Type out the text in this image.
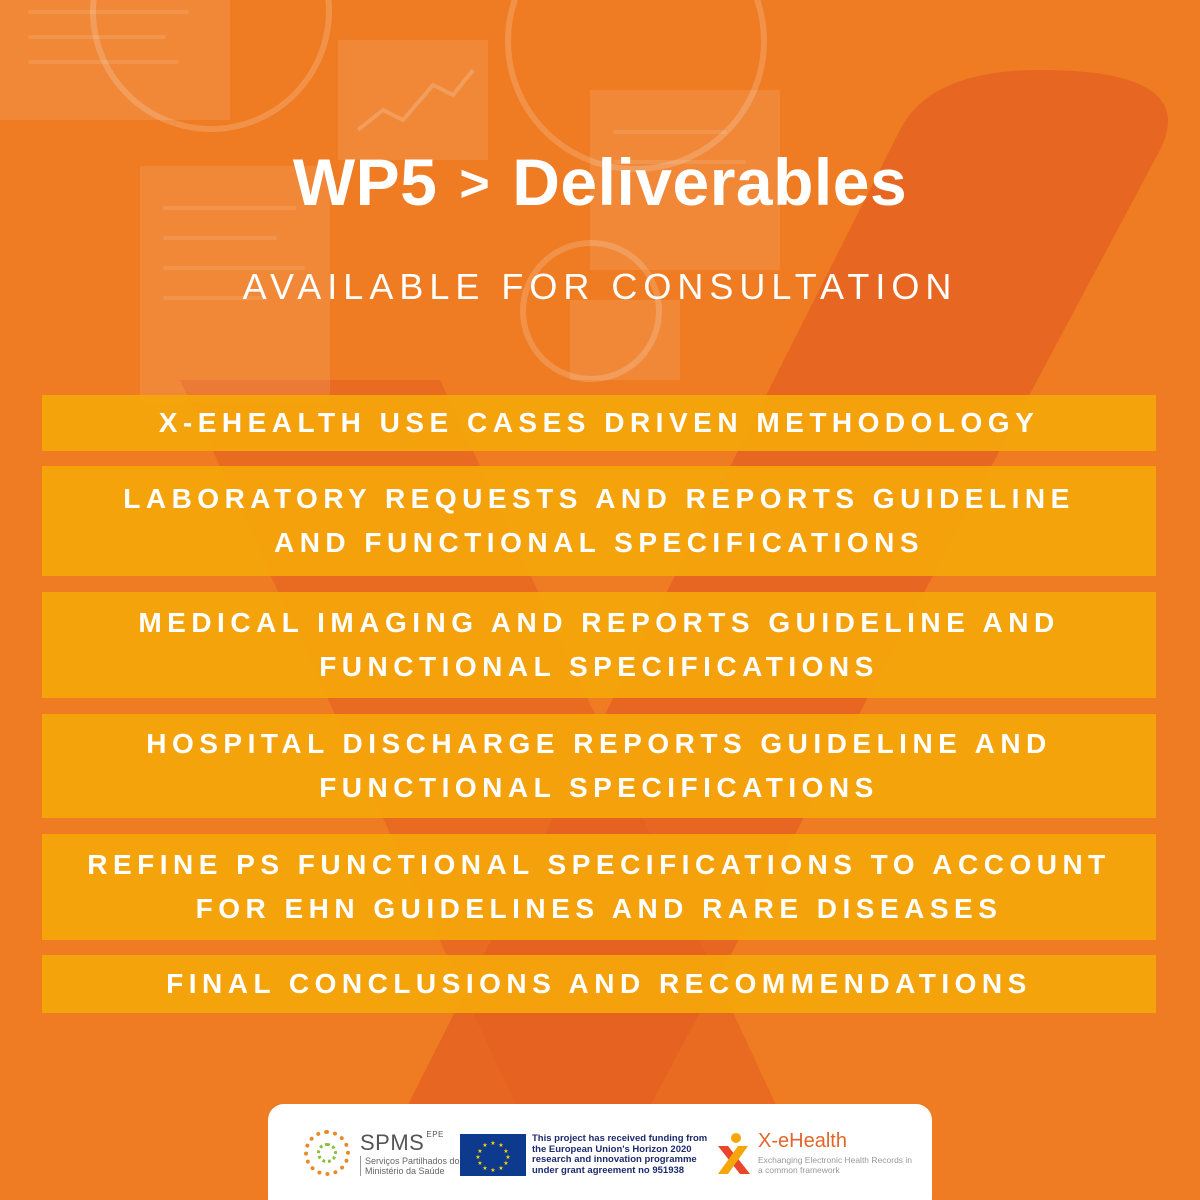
WP5 > Deliverables
AVAILABLE FOR CONSULTATION
X-EHEALTH USE CASES DRIVEN METHODOLOGY
LABORATORY REQUESTS AND REPORTS GUIDELINE
AND FUNCTIONAL SPECIFICATIONS
MEDICAL IMAGING AND REPORTS GUIDELINE AND
FUNCTIONAL SPECIFICATIONS
HOSPITAL DISCHARGE REPORTS GUIDELINE AND
FUNCTIONAL SPECIFICATIONS
REFINE PS FUNCTIONAL SPECIFICATIONS TO ACCOUNT
FOR EHN GUIDELINES AND RARE DISEASES
FINAL CONCLUSIONS AND RECOMMENDATIONS
SPMS $^{EPE}$
Serviços Partilhados do Ministério da Saúde
★ ★
★
★
★
★
★
★
★
★
★
★
This project has received funding from the European Union's Horizon 2020 research and innovation programme under grant agreement no 951938
X-eHealth
Exchanging Electronic Health Records in a common framework
